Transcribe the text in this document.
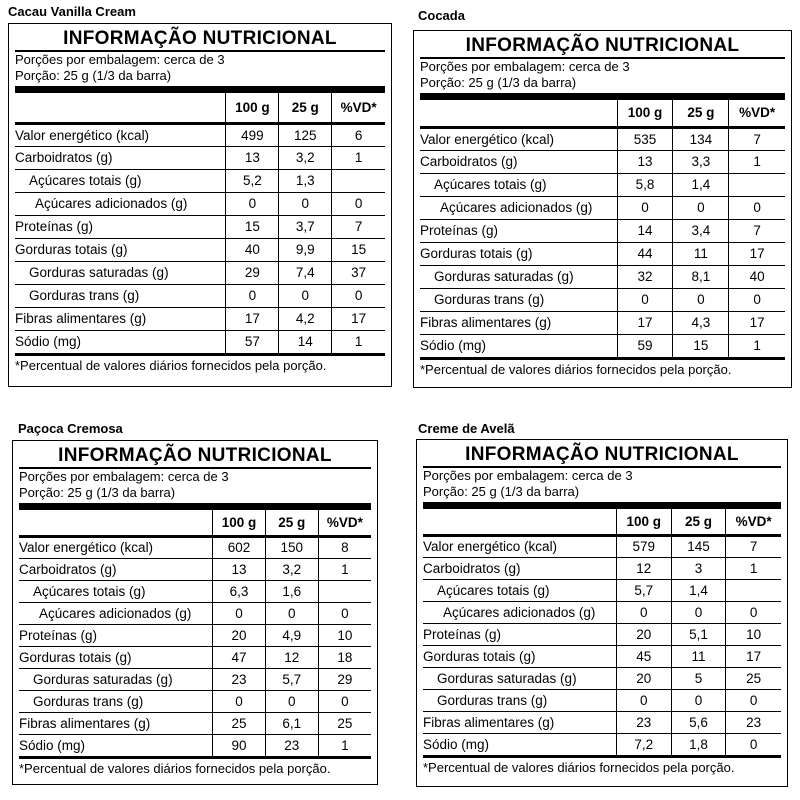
Cacau Vanilla Cream
INFORMAÇÃO NUTRICIONAL
Porções por embalagem: cerca de 3
Porção: 25 g (1/3 da barra)
	100 g	25 g	%VD*
Valor energético (kcal)	499	125	6
Carboidratos (g)	13	3,2	1
Açúcares totais (g)	5,2	1,3	
Açúcares adicionados (g)	0	0	0
Proteínas (g)	15	3,7	7
Gorduras totais (g)	40	9,9	15
Gorduras saturadas (g)	29	7,4	37
Gorduras trans (g)	0	0	0
Fibras alimentares (g)	17	4,2	17
Sódio (mg)	57	14	1
*Percentual de valores diários fornecidos pela porção.
Cocada
INFORMAÇÃO NUTRICIONAL
Porções por embalagem: cerca de 3
Porção: 25 g (1/3 da barra)
	100 g	25 g	%VD*
Valor energético (kcal)	535	134	7
Carboidratos (g)	13	3,3	1
Açúcares totais (g)	5,8	1,4	
Açúcares adicionados (g)	0	0	0
Proteínas (g)	14	3,4	7
Gorduras totais (g)	44	11	17
Gorduras saturadas (g)	32	8,1	40
Gorduras trans (g)	0	0	0
Fibras alimentares (g)	17	4,3	17
Sódio (mg)	59	15	1
*Percentual de valores diários fornecidos pela porção.
Paçoca Cremosa
INFORMAÇÃO NUTRICIONAL
Porções por embalagem: cerca de 3
Porção: 25 g (1/3 da barra)
	100 g	25 g	%VD*
Valor energético (kcal)	602	150	8
Carboidratos (g)	13	3,2	1
Açúcares totais (g)	6,3	1,6	
Açúcares adicionados (g)	0	0	0
Proteínas (g)	20	4,9	10
Gorduras totais (g)	47	12	18
Gorduras saturadas (g)	23	5,7	29
Gorduras trans (g)	0	0	0
Fibras alimentares (g)	25	6,1	25
Sódio (mg)	90	23	1
*Percentual de valores diários fornecidos pela porção.
Creme de Avelã
INFORMAÇÃO NUTRICIONAL
Porções por embalagem: cerca de 3
Porção: 25 g (1/3 da barra)
	100 g	25 g	%VD*
Valor energético (kcal)	579	145	7
Carboidratos (g)	12	3	1
Açúcares totais (g)	5,7	1,4	
Açúcares adicionados (g)	0	0	0
Proteínas (g)	20	5,1	10
Gorduras totais (g)	45	11	17
Gorduras saturadas (g)	20	5	25
Gorduras trans (g)	0	0	0
Fibras alimentares (g)	23	5,6	23
Sódio (mg)	7,2	1,8	0
*Percentual de valores diários fornecidos pela porção.
